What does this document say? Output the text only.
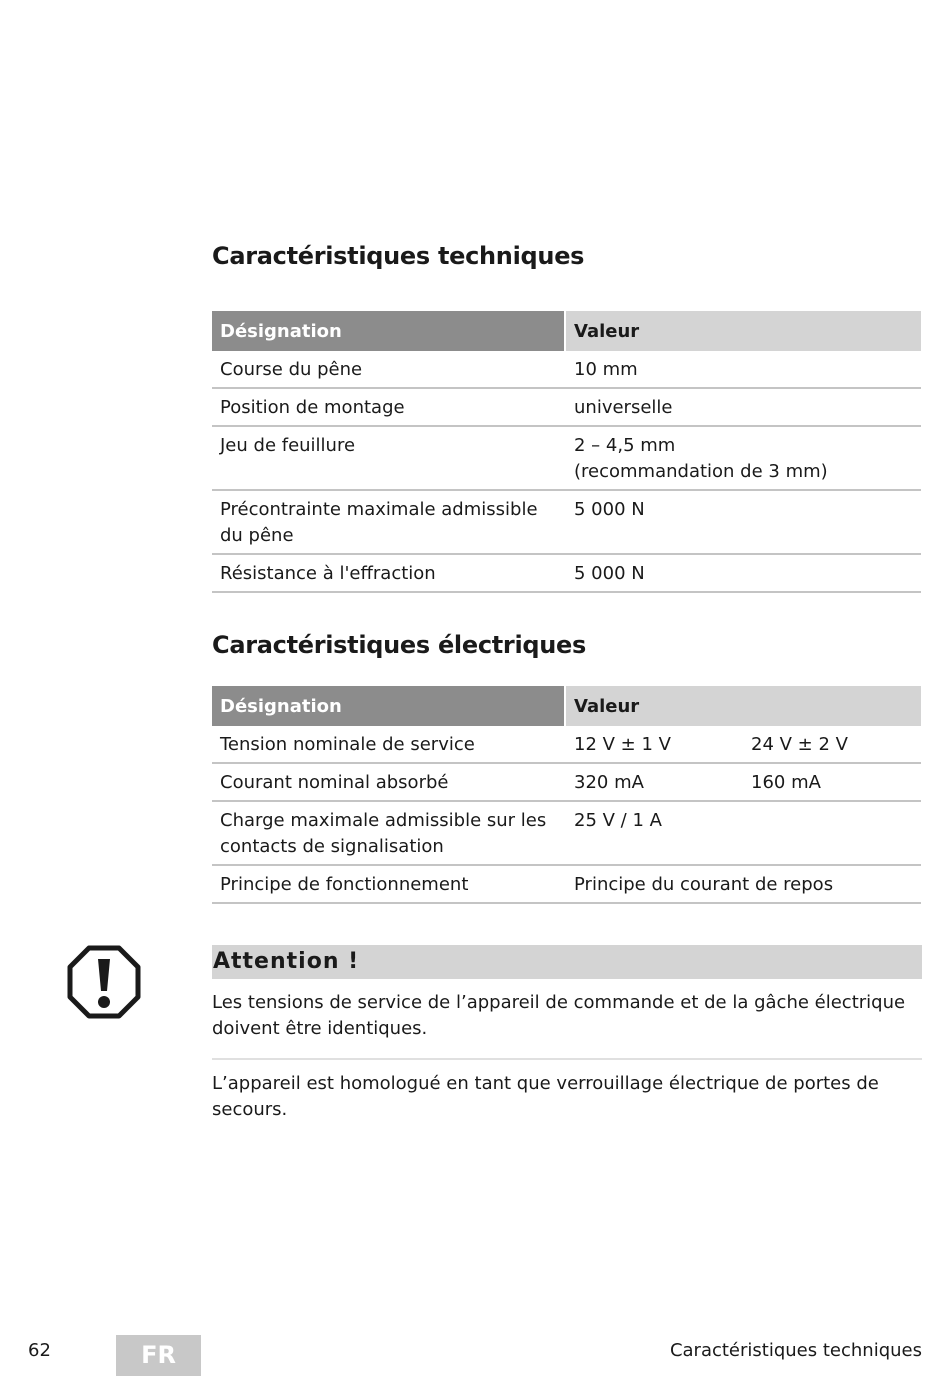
Caractéristiques techniques
Désignation	Valeur
Course du pêne	10 mm
Position de montage	universelle
Jeu de feuillure	2 – 4,5 mm
(recommandation de 3 mm)

Précontrainte maximale admissible du pêne	5 000 N
Résistance à l'effraction	5 000 N
Caractéristiques électriques
Désignation	Valeur	
Tension nominale de service	12 V ± 1 V	24 V ± 2 V
Courant nominal absorbé	320 mA	160 mA
Charge maximale admissible sur les contacts de signalisation	25 V / 1 A	
Principe de fonctionnement	Principe du courant de repos	
Attention !

Les tensions de service de l’appareil de commande et de la gâche électrique doivent être identiques.

L’appareil est homologué en tant que verrouillage électrique de portes de secours.

62	FR	Caractéristiques techniques
